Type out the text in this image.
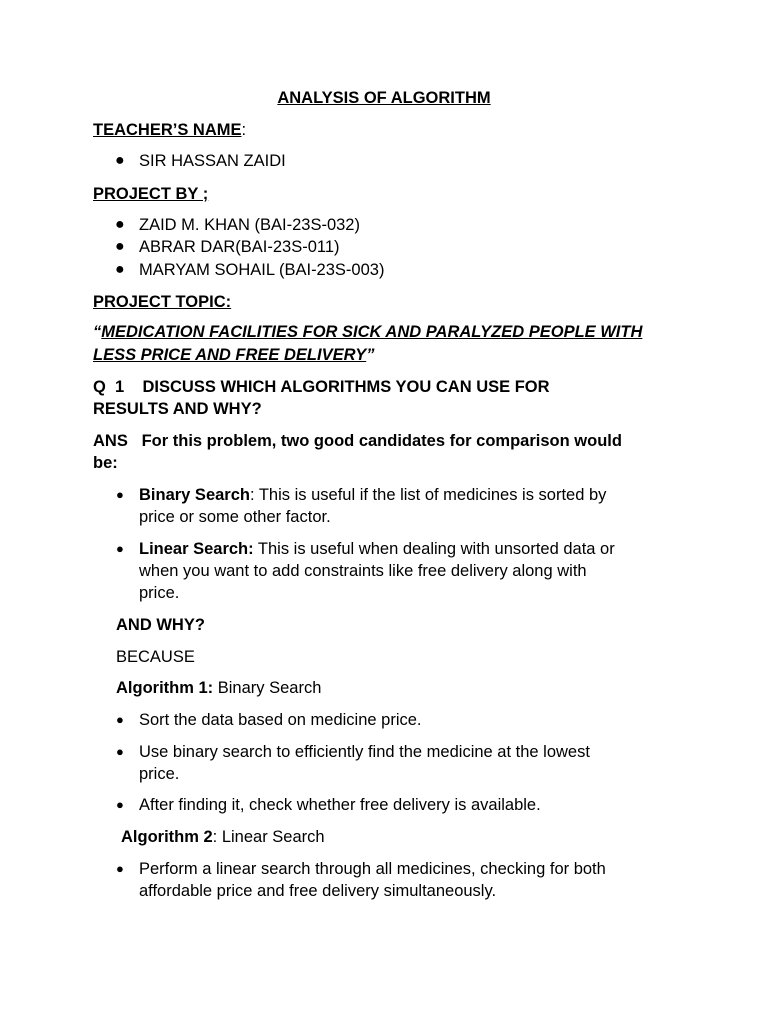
ANALYSIS OF ALGORITHM

TEACHER’S NAME:

● SIR HASSAN ZAIDI

PROJECT BY ;

● ZAID M. KHAN (BAI-23S-032)

● ABRAR DAR(BAI-23S-011)

● MARYAM SOHAIL (BAI-23S-003)

PROJECT TOPIC:

“MEDICATION FACILITIES FOR SICK AND PARALYZED PEOPLE WITH LESS PRICE AND FREE DELIVERY”

Q  1    DISCUSS WHICH ALGORITHMS YOU CAN USE FOR

RESULTS AND WHY?

ANS   For this problem, two good candidates for comparison would

be:

● Binary Search: This is useful if the list of medicines is sorted by

price or some other factor.

● Linear Search: This is useful when dealing with unsorted data or

when you want to add constraints like free delivery along with

price.

AND WHY?

BECAUSE

Algorithm 1: Binary Search

● Sort the data based on medicine price.

● Use binary search to efficiently find the medicine at the lowest

price.

● After finding it, check whether free delivery is available.

Algorithm 2: Linear Search

● Perform a linear search through all medicines, checking for both

affordable price and free delivery simultaneously.
